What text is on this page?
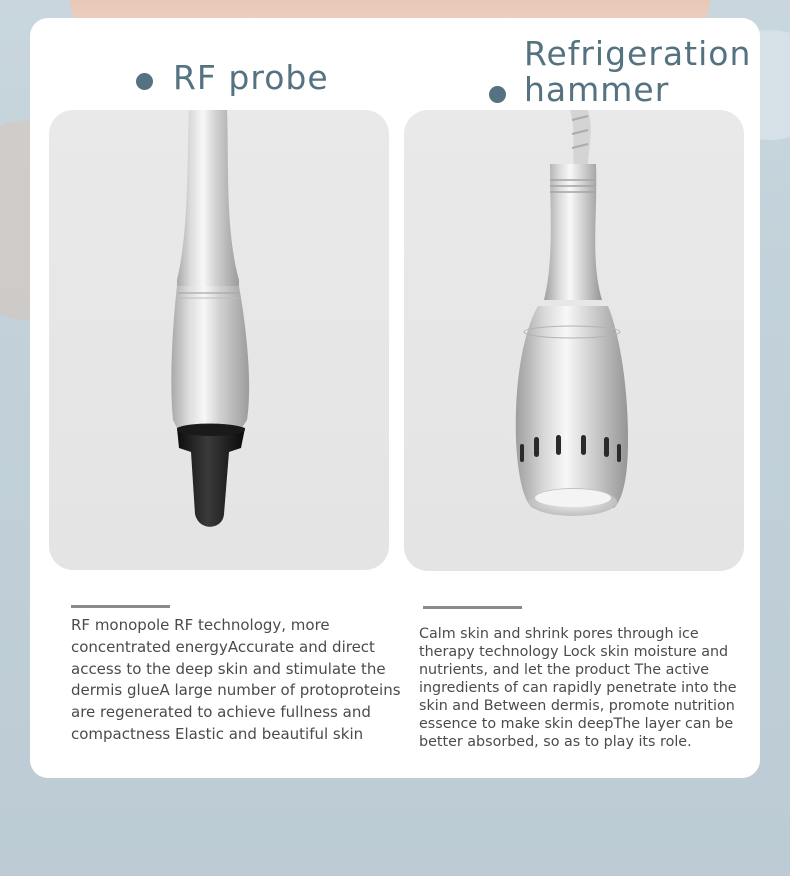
RF probe
Refrigeration
hammer

RF monopole RF technology, more concentrated energyAccurate and direct access to the deep skin and stimulate the dermis glueA large number of protoproteins are regenerated to achieve fullness and compactness Elastic and beautiful skin

Calm skin and shrink pores through ice therapy technology Lock skin moisture and nutrients, and let the product The active ingredients of can rapidly penetrate into the skin and Between dermis, promote nutrition essence to make skin deepThe layer can be better absorbed, so as to play its role.
